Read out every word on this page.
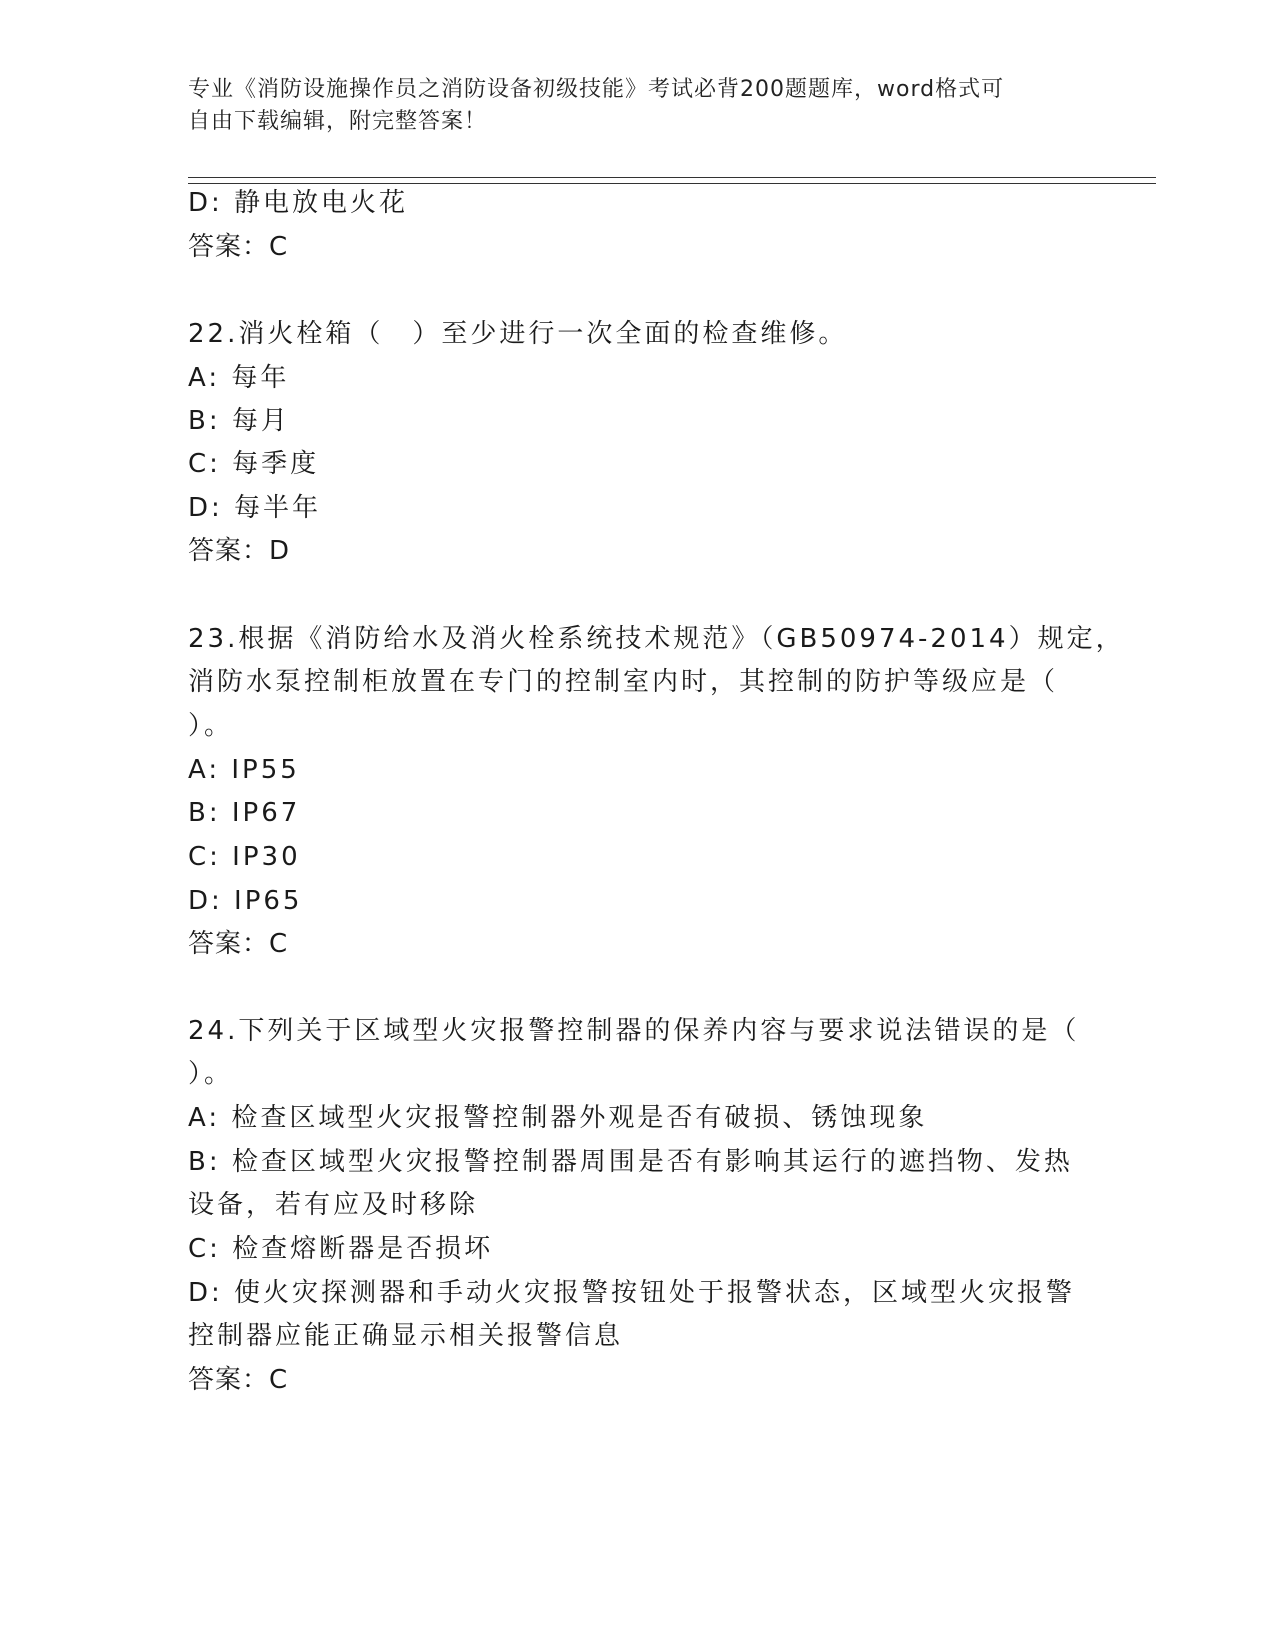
专业《消防设施操作员之消防设备初级技能》考试必背200题题库，word格式可
自由下载编辑，附完整答案！
D: 静电放电火花
答案：C
22.消火栓箱（　）至少进行一次全面的检查维修。
A: 每年
B: 每月
C: 每季度
D: 每半年
答案：D
23.根据《消防给水及消火栓系统技术规范》（GB50974-2014）规定，
消防水泵控制柜放置在专门的控制室内时，其控制的防护等级应是（
）。
A: IP55
B: IP67
C: IP30
D: IP65
答案：C
24.下列关于区域型火灾报警控制器的保养内容与要求说法错误的是（
）。
A: 检查区域型火灾报警控制器外观是否有破损、锈蚀现象
B: 检查区域型火灾报警控制器周围是否有影响其运行的遮挡物、发热
设备，若有应及时移除
C: 检查熔断器是否损坏
D: 使火灾探测器和手动火灾报警按钮处于报警状态，区域型火灾报警
控制器应能正确显示相关报警信息
答案：C
